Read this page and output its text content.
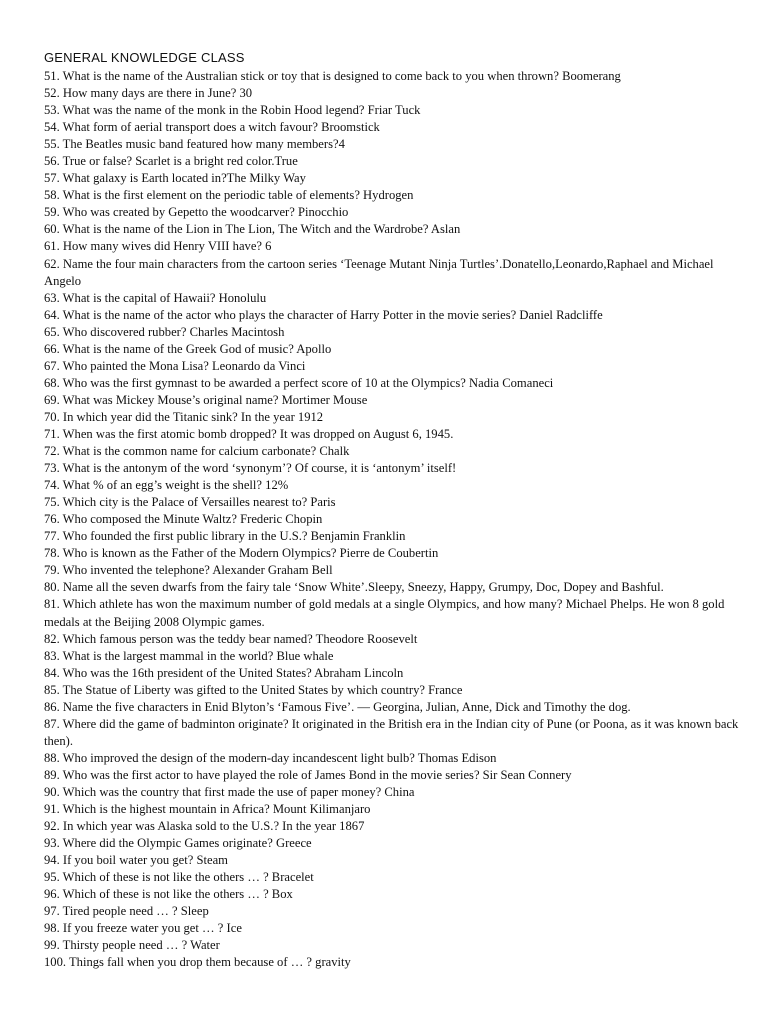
GENERAL KNOWLEDGE CLASS
51. What is the name of the Australian stick or toy that is designed to come back to you when thrown? Boomerang
52. How many days are there in June? 30
53. What was the name of the monk in the Robin Hood legend? Friar Tuck
54. What form of aerial transport does a witch favour? Broomstick
55. The Beatles music band featured how many members?4
56. True or false? Scarlet is a bright red color.True
57. What galaxy is Earth located in?The Milky Way
58. What is the first element on the periodic table of elements? Hydrogen
59. Who was created by Gepetto the woodcarver? Pinocchio
60. What is the name of the Lion in The Lion, The Witch and the Wardrobe? Aslan
61. How many wives did Henry VIII have? 6
62. Name the four main characters from the cartoon series ‘Teenage Mutant Ninja Turtles’.Donatello,Leonardo,Raphael and Michael Angelo
63. What is the capital of Hawaii? Honolulu
64. What is the name of the actor who plays the character of Harry Potter in the movie series? Daniel Radcliffe
65. Who discovered rubber? Charles Macintosh
66. What is the name of the Greek God of music? Apollo
67. Who painted the Mona Lisa? Leonardo da Vinci
68. Who was the first gymnast to be awarded a perfect score of 10 at the Olympics? Nadia Comaneci
69. What was Mickey Mouse’s original name? Mortimer Mouse
70. In which year did the Titanic sink? In the year 1912
71. When was the first atomic bomb dropped? It was dropped on August 6, 1945.
72. What is the common name for calcium carbonate? Chalk
73. What is the antonym of the word ‘synonym’? Of course, it is ‘antonym’ itself!
74. What % of an egg’s weight is the shell? 12%
75. Which city is the Palace of Versailles nearest to? Paris
76. Who composed the Minute Waltz? Frederic Chopin
77. Who founded the first public library in the U.S.? Benjamin Franklin
78. Who is known as the Father of the Modern Olympics? Pierre de Coubertin
79. Who invented the telephone? Alexander Graham Bell
80. Name all the seven dwarfs from the fairy tale ‘Snow White’.Sleepy, Sneezy, Happy, Grumpy, Doc, Dopey and Bashful.
81. Which athlete has won the maximum number of gold medals at a single Olympics, and how many? Michael Phelps. He won 8 gold medals at the Beijing 2008 Olympic games.
82. Which famous person was the teddy bear named? Theodore Roosevelt
83. What is the largest mammal in the world? Blue whale
84. Who was the 16th president of the United States? Abraham Lincoln
85. The Statue of Liberty was gifted to the United States by which country? France
86. Name the five characters in Enid Blyton’s ‘Famous Five’. — Georgina, Julian, Anne, Dick and Timothy the dog.
87. Where did the game of badminton originate? It originated in the British era in the Indian city of Pune (or Poona, as it was known back then).
88. Who improved the design of the modern-day incandescent light bulb? Thomas Edison
89. Who was the first actor to have played the role of James Bond in the movie series? Sir Sean Connery
90. Which was the country that first made the use of paper money? China
91. Which is the highest mountain in Africa? Mount Kilimanjaro
92. In which year was Alaska sold to the U.S.? In the year 1867
93. Where did the Olympic Games originate? Greece
94. If you boil water you get? Steam
95. Which of these is not like the others … ? Bracelet
96. Which of these is not like the others … ? Box
97. Tired people need … ? Sleep
98. If you freeze water you get … ? Ice
99. Thirsty people need … ? Water
100. Things fall when you drop them because of … ? gravity
